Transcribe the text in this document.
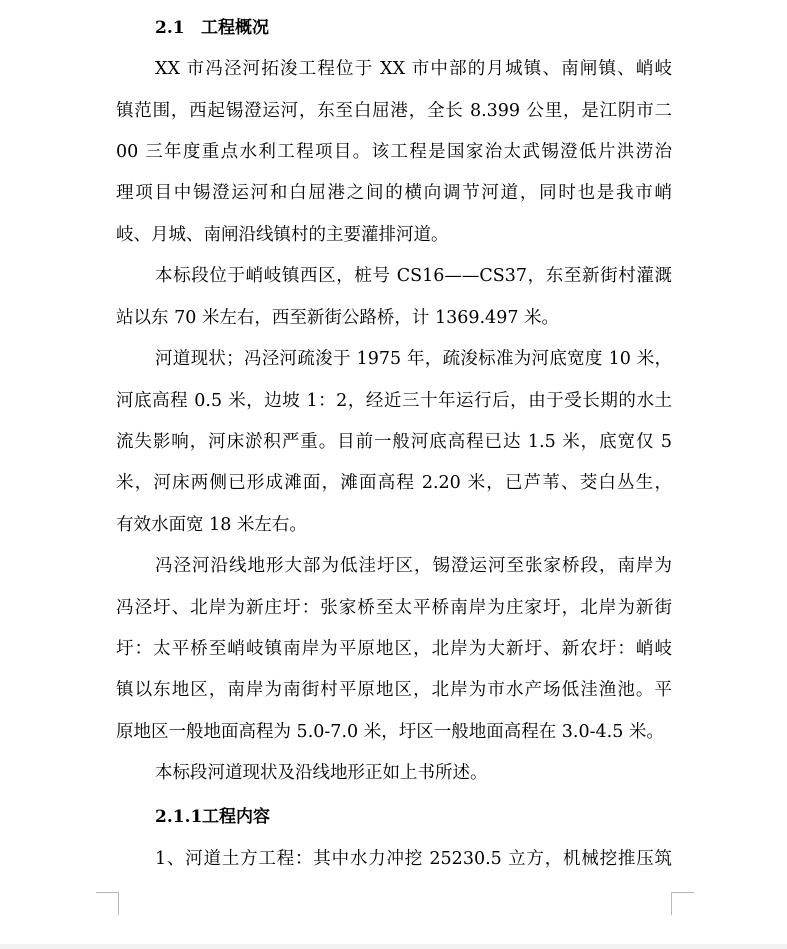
2.1 工程概况
XX 市冯泾河拓浚工程位于 XX 市中部的月城镇、南闸镇、峭岐
镇范围，西起锡澄运河，东至白屈港，全长 8.399 公里，是江阴市二
00 三年度重点水利工程项目。该工程是国家治太武锡澄低片洪涝治
理项目中锡澄运河和白屈港之间的横向调节河道，同时也是我市峭
岐、月城、南闸沿线镇村的主要灌排河道。
本标段位于峭岐镇西区，桩号 CS16——CS37，东至新街村灌溉
站以东 70 米左右，西至新街公路桥，计 1369.497 米。
河道现状；冯泾河疏浚于 1975 年，疏浚标准为河底宽度 10 米，
河底高程 0.5 米，边坡 1：2，经近三十年运行后，由于受长期的水土
流失影响，河床淤积严重。目前一般河底高程已达 1.5 米，底宽仅 5
米，河床两侧已形成滩面，滩面高程 2.20 米，已芦苇、茭白丛生，
有效水面宽 18 米左右。
冯泾河沿线地形大部为低洼圩区，锡澄运河至张家桥段，南岸为
冯泾圩、北岸为新庄圩：张家桥至太平桥南岸为庄家圩，北岸为新街
圩：太平桥至峭岐镇南岸为平原地区，北岸为大新圩、新农圩：峭岐
镇以东地区，南岸为南街村平原地区，北岸为市水产场低洼渔池。平
原地区一般地面高程为 5.0-7.0 米，圩区一般地面高程在 3.0-4.5 米。
本标段河道现状及沿线地形正如上书所述。
2.1.1工程内容
1、河道土方工程：其中水力冲挖 25230.5 立方，机械挖推压筑
